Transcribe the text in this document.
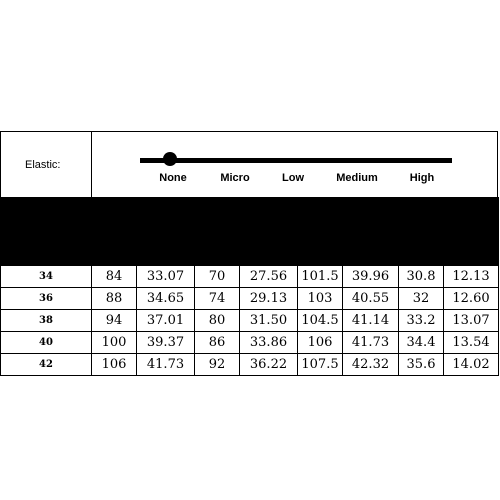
Elastic:
None	Micro	Low	Medium	High
Size	Measuring							
	Bust		Waist		Length		Shoulder	
	CM	INCH	CM	INCH	CM	INCH	CM	INCH
34	84	33.07	70	27.56	101.5	39.96	30.8	12.13
36	88	34.65	74	29.13	103	40.55	32	12.60
38	94	37.01	80	31.50	104.5	41.14	33.2	13.07
40	100	39.37	86	33.86	106	41.73	34.4	13.54
42	106	41.73	92	36.22	107.5	42.32	35.6	14.02
